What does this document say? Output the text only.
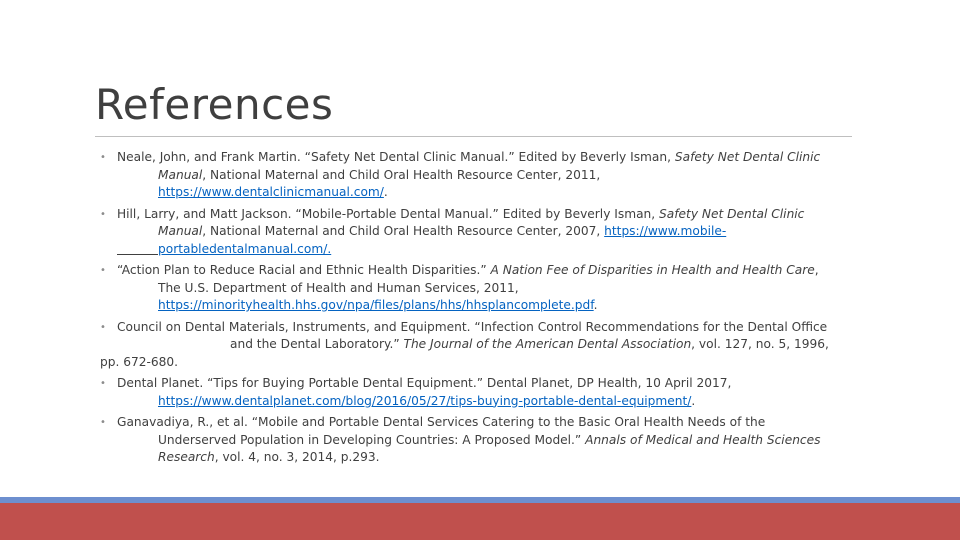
References
• Neale, John, and Frank Martin. “Safety Net Dental Clinic Manual.” Edited by Beverly Isman, Safety Net Dental Clinic
Manual, National Maternal and Child Oral Health Resource Center, 2011,
https://www.dentalclinicmanual.com/.
• Hill, Larry, and Matt Jackson. “Mobile-Portable Dental Manual.” Edited by Beverly Isman, Safety Net Dental Clinic
Manual, National Maternal and Child Oral Health Resource Center, 2007, https://www.mobile-
portabledentalmanual.com/.
• “Action Plan to Reduce Racial and Ethnic Health Disparities.” A Nation Fee of Disparities in Health and Health Care,
The U.S. Department of Health and Human Services, 2011,
https://minorityhealth.hhs.gov/npa/files/plans/hhs/hhsplancomplete.pdf.
• Council on Dental Materials, Instruments, and Equipment. “Infection Control Recommendations for the Dental Office
and the Dental Laboratory.” The Journal of the American Dental Association, vol. 127, no. 5, 1996,
pp. 672-680.
• Dental Planet. “Tips for Buying Portable Dental Equipment.” Dental Planet, DP Health, 10 April 2017,
https://www.dentalplanet.com/blog/2016/05/27/tips-buying-portable-dental-equipment/.
• Ganavadiya, R., et al. “Mobile and Portable Dental Services Catering to the Basic Oral Health Needs of the
Underserved Population in Developing Countries: A Proposed Model.” Annals of Medical and Health Sciences
Research, vol. 4, no. 3, 2014, p.293.
